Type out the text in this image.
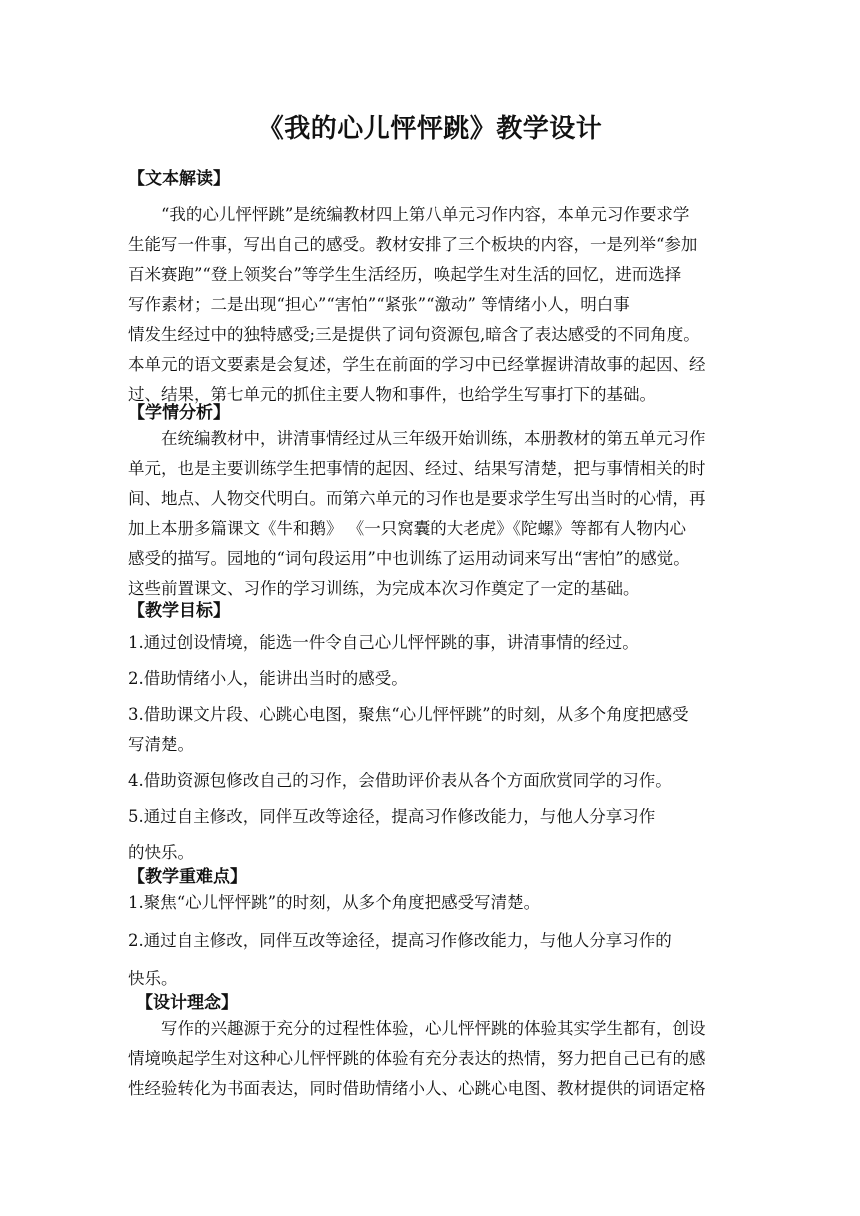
《我的心儿怦怦跳》教学设计
【文本解读】
“我的心儿怦怦跳”是统编教材四上第八单元习作内容，本单元习作要求学
生能写一件事，写出自己的感受。教材安排了三个板块的内容，一是列举“参加
百米赛跑”“登上领奖台”等学生生活经历，唤起学生对生活的回忆，进而选择
写作素材；二是出现“担心”“害怕”“紧张”“激动” 等情绪小人，明白事
情发生经过中的独特感受;三是提供了词句资源包,暗含了表达感受的不同角度。
本单元的语文要素是会复述，学生在前面的学习中已经掌握讲清故事的起因、经
过、结果，第七单元的抓住主要人物和事件，也给学生写事打下的基础。
【学情分析】
在统编教材中，讲清事情经过从三年级开始训练，本册教材的第五单元习作
单元，也是主要训练学生把事情的起因、经过、结果写清楚，把与事情相关的时
间、地点、人物交代明白。而第六单元的习作也是要求学生写出当时的心情，再
加上本册多篇课文《牛和鹅》 《一只窝囊的大老虎》《陀螺》等都有人物内心
感受的描写。园地的“词句段运用”中也训练了运用动词来写出“害怕”的感觉。
这些前置课文、习作的学习训练，为完成本次习作奠定了一定的基础。
【教学目标】
1.通过创设情境，能选一件令自己心儿怦怦跳的事，讲清事情的经过。
2.借助情绪小人，能讲出当时的感受。
3.借助课文片段、心跳心电图，聚焦“心儿怦怦跳”的时刻，从多个角度把感受
写清楚。
4.借助资源包修改自己的习作，会借助评价表从各个方面欣赏同学的习作。
5.通过自主修改，同伴互改等途径，提高习作修改能力，与他人分享习作
的快乐。
【教学重难点】
1.聚焦“心儿怦怦跳”的时刻，从多个角度把感受写清楚。
2.通过自主修改，同伴互改等途径，提高习作修改能力，与他人分享习作的
快乐。
【设计理念】
写作的兴趣源于充分的过程性体验，心儿怦怦跳的体验其实学生都有，创设
情境唤起学生对这种心儿怦怦跳的体验有充分表达的热情，努力把自己已有的感
性经验转化为书面表达，同时借助情绪小人、心跳心电图、教材提供的词语定格
